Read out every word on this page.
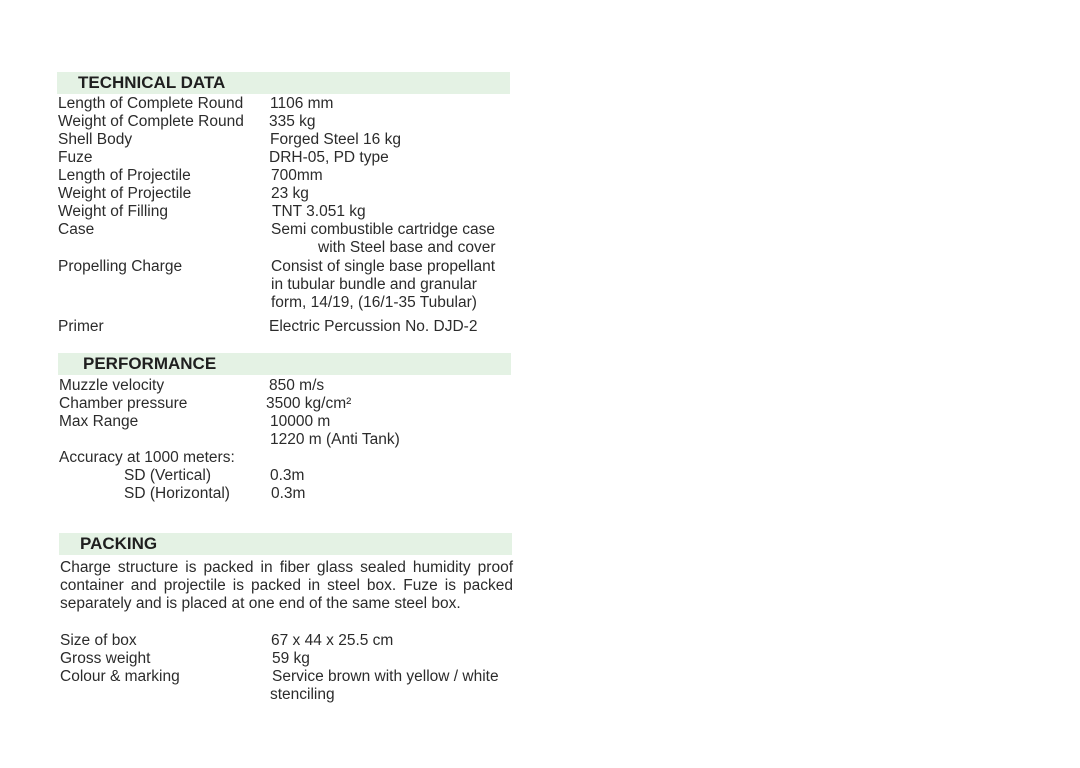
TECHNICAL DATA
Length of Complete Round 1106 mm
Weight of Complete Round 335 kg
Shell Body	Forged Steel 16 kg
Fuze	DRH-05, PD type
Length of Projectile	700mm
Weight of Projectile	23 kg
Weight of Filling	TNT 3.051 kg
Case	Semi combustible cartridge case
with Steel base and cover
Propelling Charge	Consist of single base propellant
in tubular bundle and granular
form, 14/19, (16/1-35 Tubular)
Primer	Electric Percussion No. DJD-2
PERFORMANCE
Muzzle velocity	850 m/s
Chamber pressure	3500 kg/cm²
Max Range	10000 m
1220 m (Anti Tank)
Accuracy at 1000 meters:
SD (Vertical)	0.3m
SD (Horizontal)	0.3m
PACKING
Charge structure is packed in fiber glass sealed humidity proof container and projectile is packed in steel box. Fuze is packed separately and is placed at one end of the same steel box.
Size of box	67 x 44 x 25.5 cm
Gross weight	59 kg
Colour & marking	Service brown with yellow / white
stenciling
